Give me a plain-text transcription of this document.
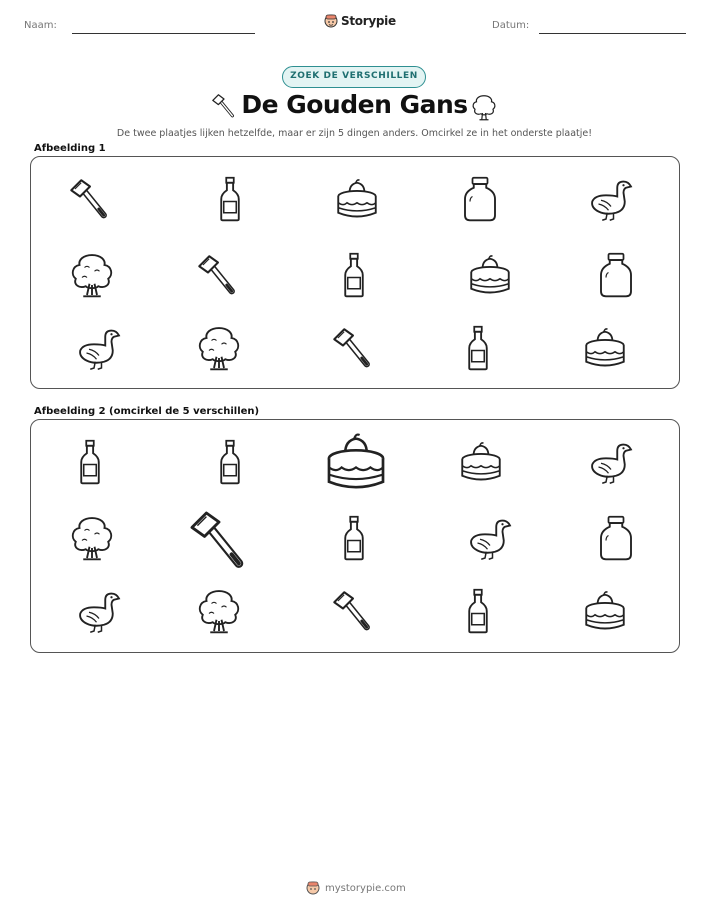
Naam:	Storypie	Datum:
ZOEK DE VERSCHILLEN
De Gouden Gans
De twee plaatjes lijken hetzelfde, maar er zijn 5 dingen anders. Omcirkel ze in het onderste plaatje!
Afbeelding 1
Afbeelding 2 (omcirkel de 5 verschillen)
mystorypie.com
